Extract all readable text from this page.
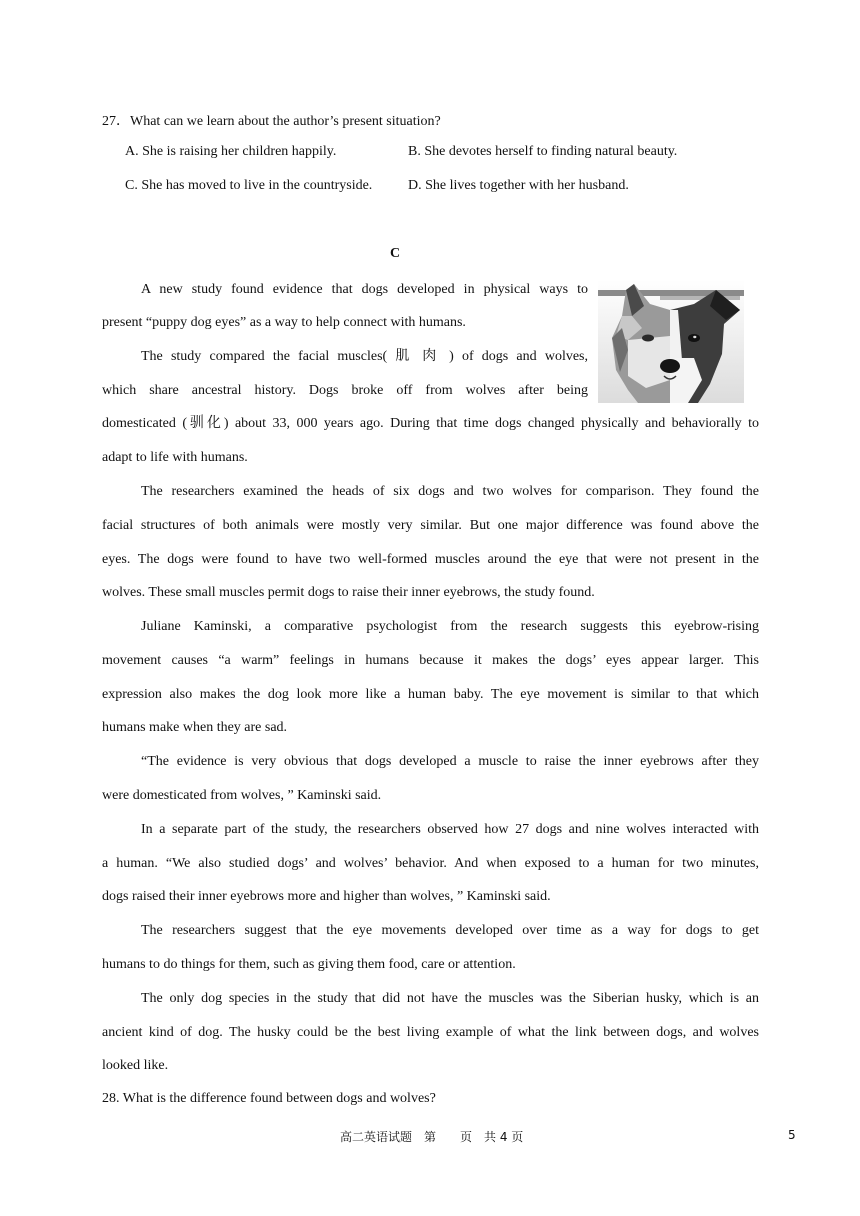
27．What can we learn about the author’s present situation?
A. She is raising her children happily.	B. She devotes herself to finding natural beauty.
C. She has moved to live in the countryside.	D. She lives together with her husband.
C
A new study found evidence that dogs developed in physical ways to
present “puppy dog eyes” as a way to help connect with humans.
The study compared the facial muscles( 肌 肉 ) of dogs and wolves,
which share ancestral history. Dogs broke off from wolves after being
domesticated (驯化) about 33, 000 years ago. During that time dogs changed physically and behaviorally to
adapt to life with humans.
The researchers examined the heads of six dogs and two wolves for comparison. They found the
facial structures of both animals were mostly very similar. But one major difference was found above the
eyes. The dogs were found to have two well-formed muscles around the eye that were not present in the
wolves. These small muscles permit dogs to raise their inner eyebrows, the study found.
Juliane Kaminski, a comparative psychologist from the research suggests this eyebrow-rising
movement causes “a warm” feelings in humans because it makes the dogs’ eyes appear larger. This
expression also makes the dog look more like a human baby. The eye movement is similar to that which
humans make when they are sad.
“The evidence is very obvious that dogs developed a muscle to raise the inner eyebrows after they
were domesticated from wolves, ” Kaminski said.
In a separate part of the study, the researchers observed how 27 dogs and nine wolves interacted with
a human. “We also studied dogs’ and wolves’ behavior. And when exposed to a human for two minutes,
dogs raised their inner eyebrows more and higher than wolves, ” Kaminski said.
The researchers suggest that the eye movements developed over time as a way for dogs to get
humans to do things for them, such as giving them food, care or attention.
The only dog species in the study that did not have the muscles was the Siberian husky, which is an
ancient kind of dog. The husky could be the best living example of what the link between dogs, and wolves
looked like.
28. What is the difference found between dogs and wolves?
高二英语试题　第　　页　共 4 页	5
